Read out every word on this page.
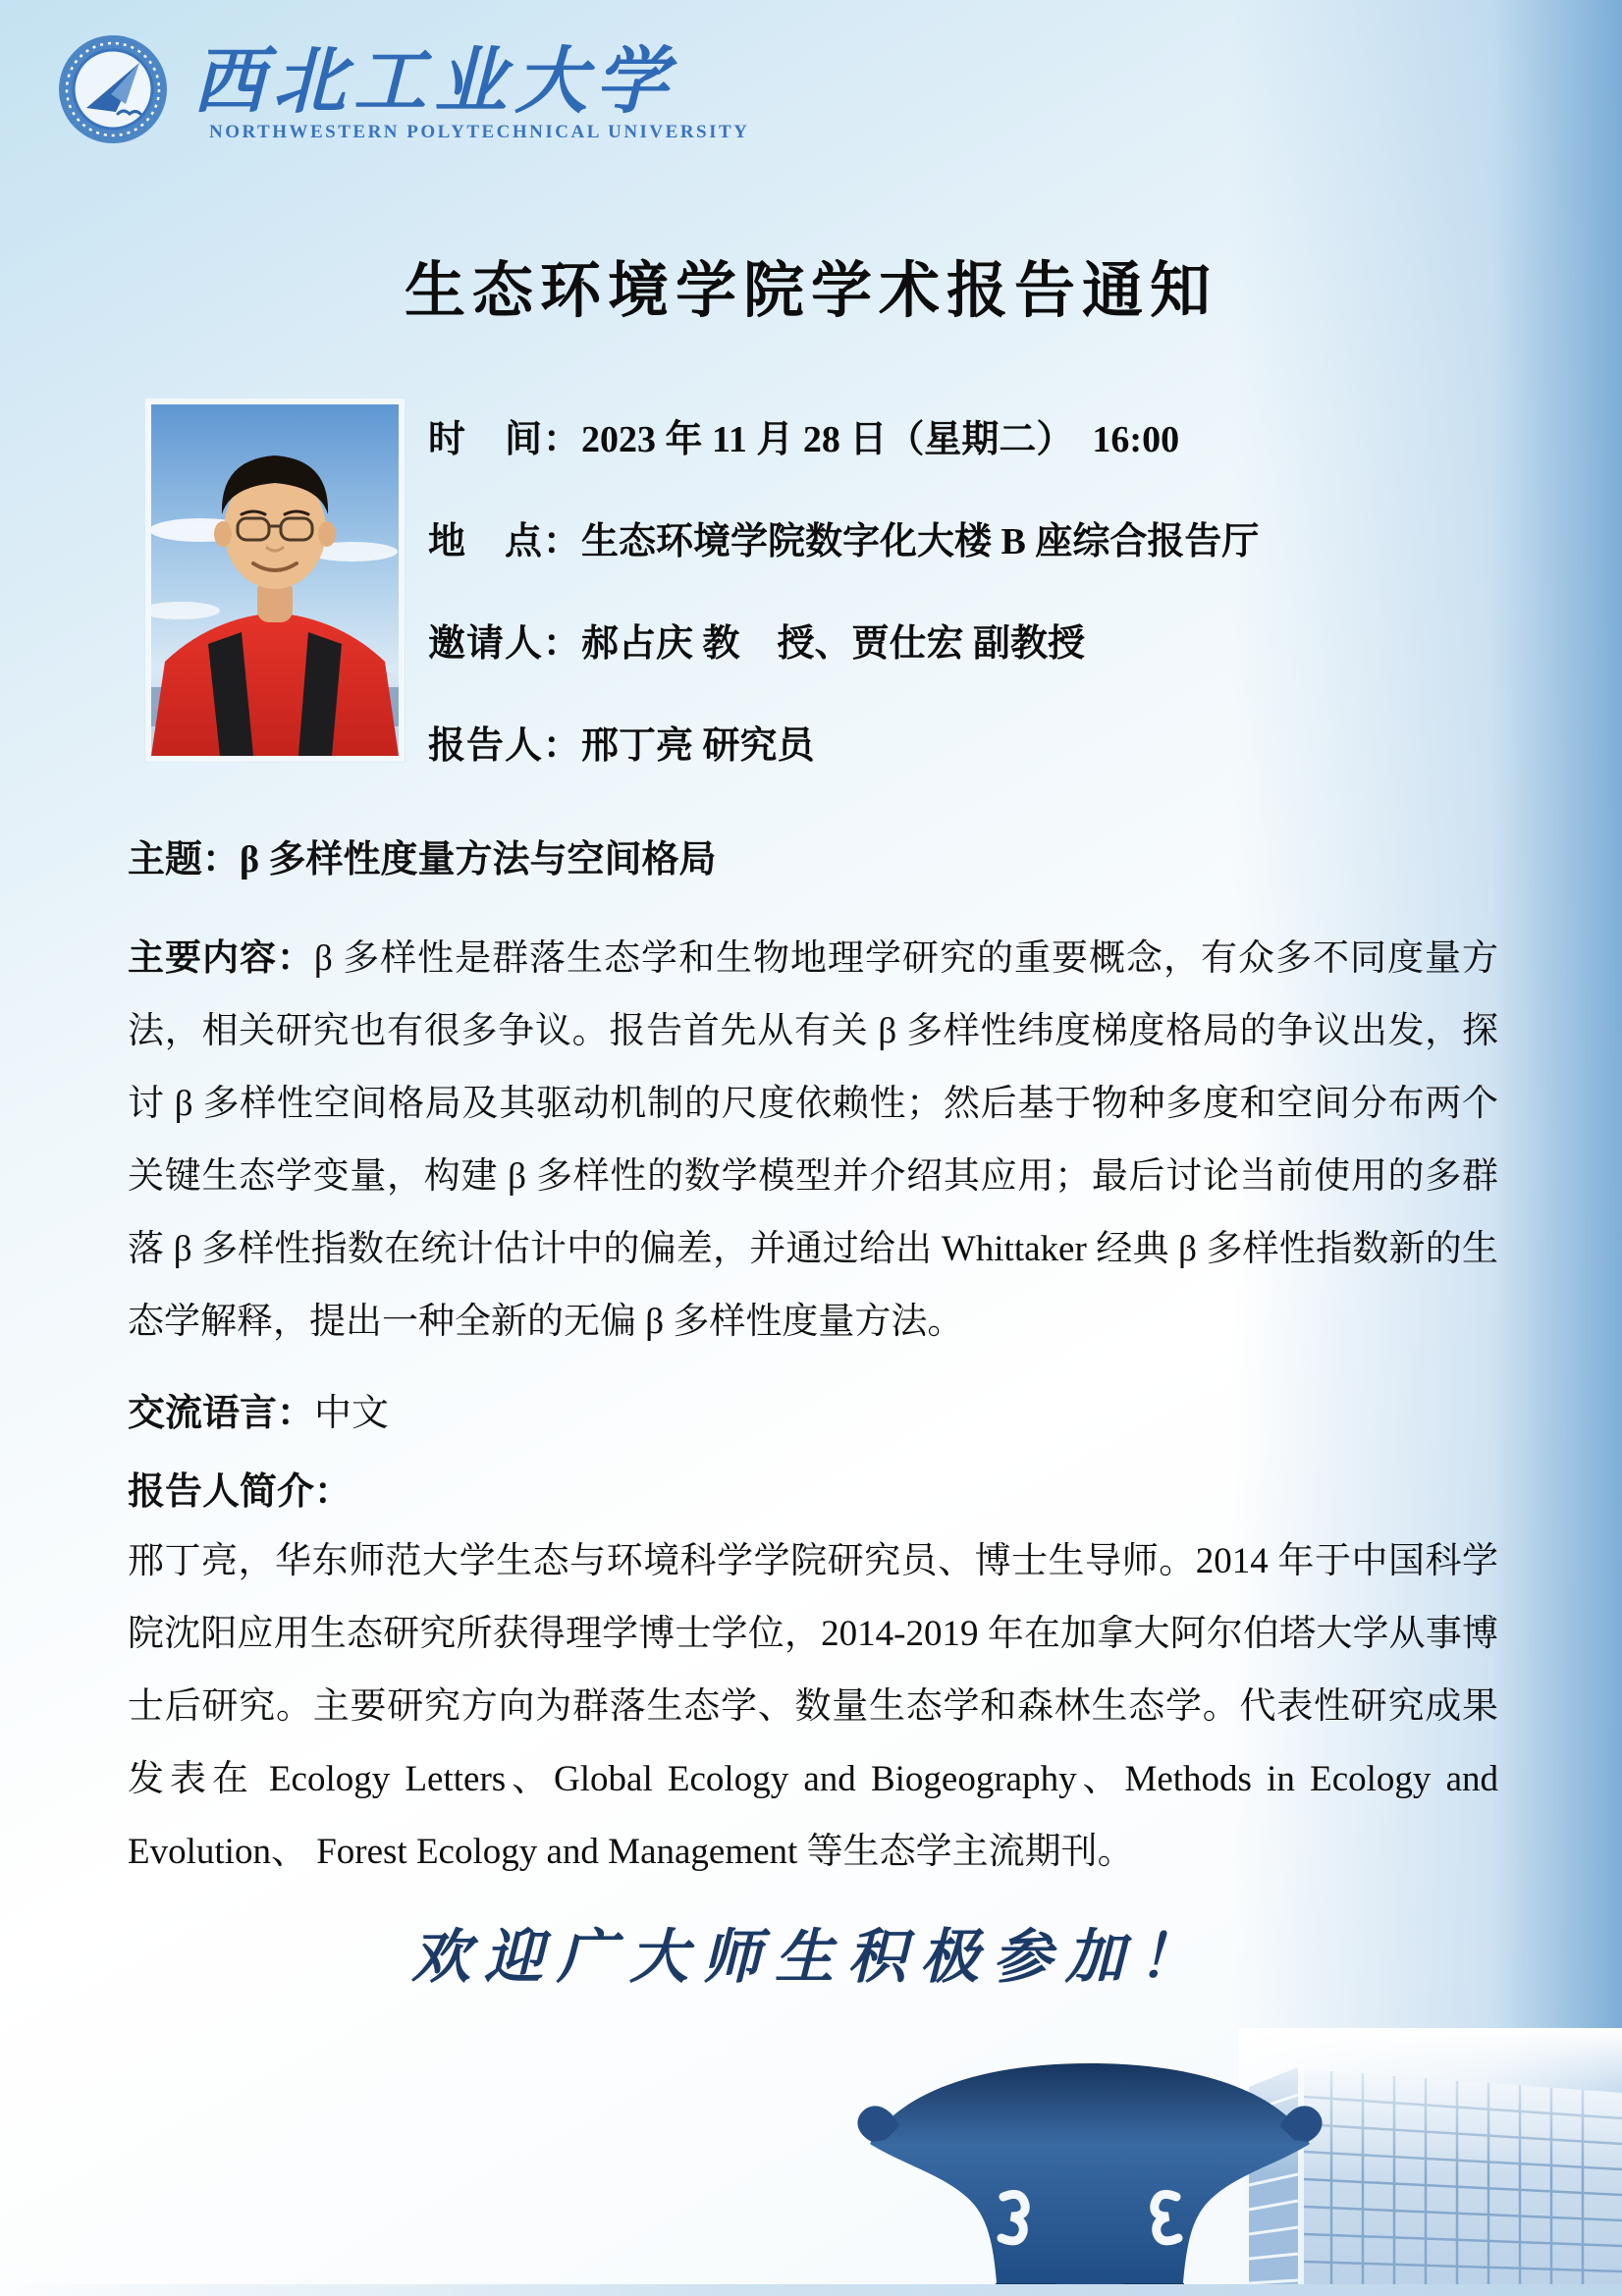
西北工业大学
NORTHWESTERN POLYTECHNICAL UNIVERSITY
生态环境学院学术报告通知
时　间：2023 年 11 月 28 日（星期二）　16:00
地　点：生态环境学院数字化大楼 B 座综合报告厅
邀请人：郝占庆 教　授、贾仕宏 副教授
报告人：邢丁亮 研究员
主题：β 多样性度量方法与空间格局
主要内容：β 多样性是群落生态学和生物地理学研究的重要概念，有众多不同度量方法，相关研究也有很多争议。报告首先从有关 β 多样性纬度梯度格局的争议出发，探讨 β 多样性空间格局及其驱动机制的尺度依赖性；然后基于物种多度和空间分布两个关键生态学变量，构建 β 多样性的数学模型并介绍其应用；最后讨论当前使用的多群落 β 多样性指数在统计估计中的偏差，并通过给出 Whittaker 经典 β 多样性指数新的生态学解释，提出一种全新的无偏 β 多样性度量方法。
交流语言：中文
报告人简介：
邢丁亮，华东师范大学生态与环境科学学院研究员、博士生导师。2014 年于中国科学院沈阳应用生态研究所获得理学博士学位，2014-2019 年在加拿大阿尔伯塔大学从事博士后研究。主要研究方向为群落生态学、数量生态学和森林生态学。代表性研究成果发表在 Ecology Letters、Global Ecology and Biogeography、Methods in Ecology and Evolution、 Forest Ecology and Management 等生态学主流期刊。
欢迎广大师生积极参加！
